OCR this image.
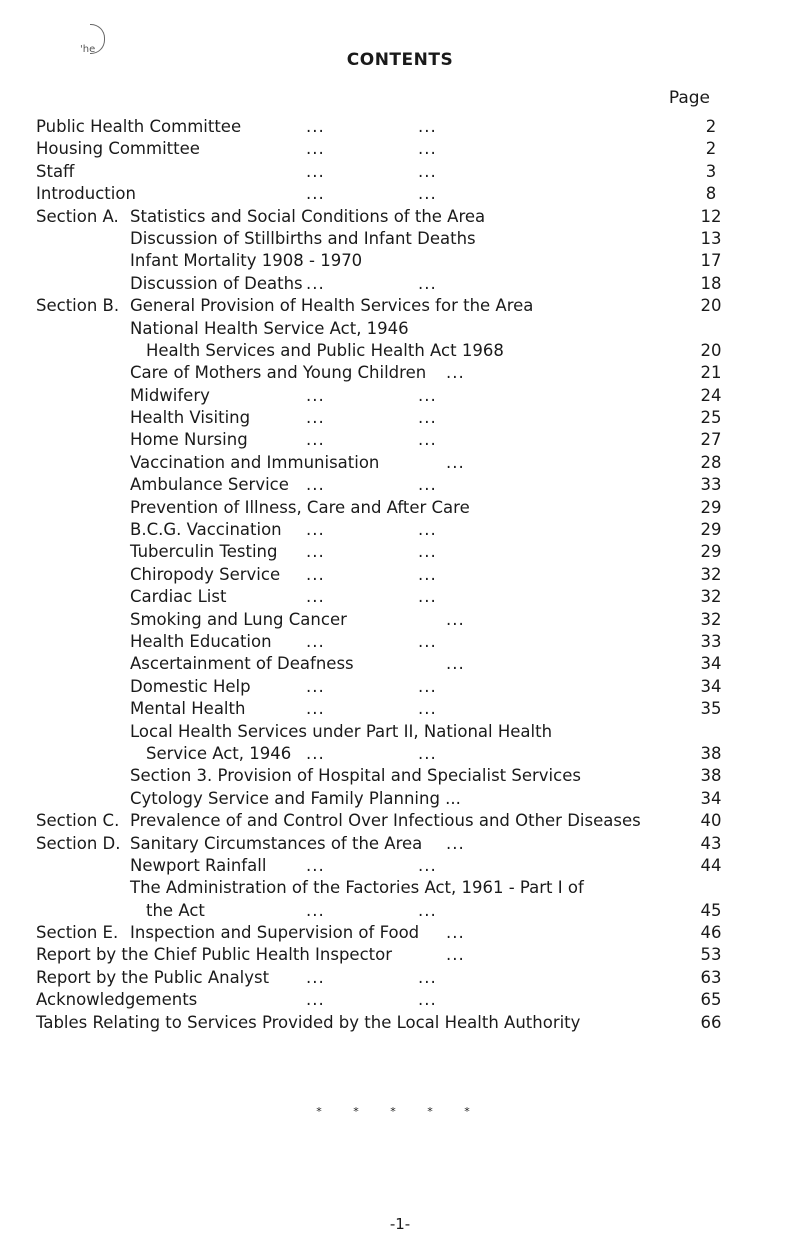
'he
CONTENTS
Page
Public Health Committee	...	...	2
Housing Committee	...	...	2
Staff	...	...	3
Introduction	...	...	8
Section A. Statistics and Social Conditions of the Area	12
Discussion of Stillbirths and Infant Deaths	13
Infant Mortality 1908 - 1970	17
Discussion of Deaths ...	...	18
Section B. General Provision of Health Services for the Area	20
National Health Service Act, 1946
Health Services and Public Health Act 1968	20
Care of Mothers and Young Children ...	21
Midwifery	...	...	24
Health Visiting	...	...	25
Home Nursing	...	...	27
Vaccination and Immunisation	...	28
Ambulance Service ...	...	33
Prevention of Illness, Care and After Care	29
B.C.G. Vaccination ...	...	29
Tuberculin Testing ...	...	29
Chiropody Service ...	...	32
Cardiac List	...	...	32
Smoking and Lung Cancer	...	32
Health Education ...	...	33
Ascertainment of Deafness	...	34
Domestic Help	...	...	34
Mental Health	...	...	35
Local Health Services under Part II, National Health
Service Act, 1946 ...	...	38
Section 3. Provision of Hospital and Specialist Services	38
Cytology Service and Family Planning ...	34
Section C. Prevalence of and Control Over Infectious and Other Diseases	40
Section D. Sanitary Circumstances of the Area ...	43
Newport Rainfall ...	...	44
The Administration of the Factories Act, 1961 - Part I of
the Act	...	...	45
Section E. Inspection and Supervision of Food ...	46
Report by the Chief Public Health Inspector	...	53
Report by the Public Analyst ...	...	63
Acknowledgements	...	...	65
Tables Relating to Services Provided by the Local Health Authority	66
* * * * *
-1-
